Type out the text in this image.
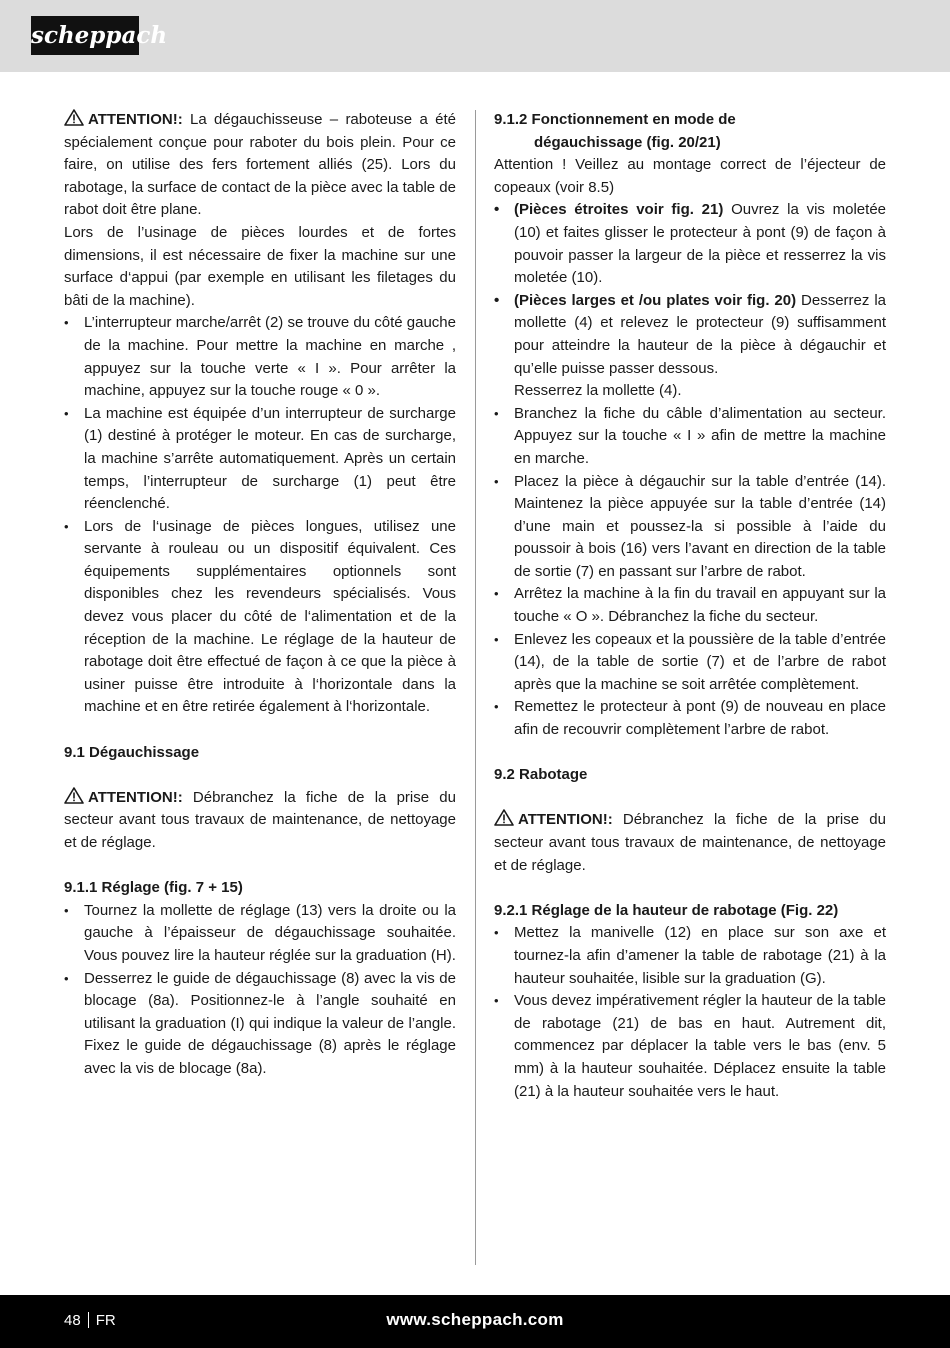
scheppach

ATTENTION!: La dégauchisseuse – raboteuse a été spécialement conçue pour raboter du bois plein. Pour ce faire, on utilise des fers fortement alliés (25). Lors du rabotage, la surface de contact de la pièce avec la table de rabot doit être plane.

Lors de l’usinage de pièces lourdes et de fortes dimensions, il est nécessaire de fixer la machine sur une surface d‘appui (par exemple en utilisant les filetages du bâti de la machine).

• L’interrupteur marche/arrêt (2) se trouve du côté gauche de la machine. Pour mettre la machine en marche , appuyez sur la touche verte « I ». Pour arrêter la machine, appuyez sur la touche rouge « 0 ».
• La machine est équipée d’un interrupteur de surcharge (1) destiné à protéger le moteur. En cas de surcharge, la machine s’arrête automatiquement. Après un certain temps, l’interrupteur de surcharge (1) peut être réenclenché.
• Lors de l‘usinage de pièces longues, utilisez une servante à rouleau ou un dispositif équivalent. Ces équipements supplémentaires optionnels sont disponibles chez les revendeurs spécialisés. Vous devez vous placer du côté de l‘alimentation et de la réception de la machine. Le réglage de la hauteur de rabotage doit être effectué de façon à ce que la pièce à usiner puisse être introduite à l‘horizontale dans la machine et en être retirée également à l‘horizontale.

9.1 Dégauchissage

ATTENTION!: Débranchez la fiche de la prise du secteur avant tous travaux de maintenance, de nettoyage et de réglage.

9.1.1 Réglage (fig. 7 + 15)

• Tournez la mollette de réglage (13) vers la droite ou la gauche à l’épaisseur de dégauchissage souhaitée. Vous pouvez lire la hauteur réglée sur la graduation (H).
• Desserrez le guide de dégauchissage (8) avec la vis de blocage (8a). Positionnez-le à l’angle souhaité en utilisant la graduation (I) qui indique la valeur de l’angle. Fixez le guide de dégauchissage (8) après le réglage avec la vis de blocage (8a).

9.1.2 Fonctionnement en mode de

dégauchissage (fig. 20/21)

Attention ! Veillez au montage correct de l’éjecteur de copeaux (voir 8.5)

• (Pièces étroites voir fig. 21) Ouvrez la vis moletée (10) et faites glisser le protecteur à pont (9) de façon à pouvoir passer la largeur de la pièce et resserrez la vis moletée (10).
• (Pièces larges et /ou plates voir fig. 20) Desserrez la mollette (4) et relevez le protecteur (9) suffisamment pour atteindre la hauteur de la pièce à dégauchir et qu’elle puisse passer dessous.

Resserrez la mollette (4).

• Branchez la fiche du câble d’alimentation au secteur. Appuyez sur la touche « I » afin de mettre la machine en marche.
• Placez la pièce à dégauchir sur la table d’entrée (14). Maintenez la pièce appuyée sur la table d’entrée (14) d’une main et poussez-la si possible à l’aide du poussoir à bois (16) vers l’avant en direction de la table de sortie (7) en passant sur l’arbre de rabot.
• Arrêtez la machine à la fin du travail en appuyant sur la touche « O ». Débranchez la fiche du secteur.
• Enlevez les copeaux et la poussière de la table d’entrée (14), de la table de sortie (7) et de l’arbre de rabot après que la machine se soit arrêtée complètement.
• Remettez le protecteur à pont (9) de nouveau en place afin de recouvrir complètement l’arbre de rabot.

9.2 Rabotage

ATTENTION!: Débranchez la fiche de la prise du secteur avant tous travaux de maintenance, de nettoyage et de réglage.

9.2.1 Réglage de la hauteur de rabotage (Fig. 22)

• Mettez la manivelle (12) en place sur son axe et tournez-la afin d’amener la table de rabotage (21) à la hauteur souhaitée, lisible sur la graduation (G).
• Vous devez impérativement régler la hauteur de la table de rabotage (21) de bas en haut. Autrement dit, commencez par déplacer la table vers le bas (env. 5 mm) à la hauteur souhaitée. Déplacez ensuite la table (21) à la hauteur souhaitée vers le haut.
48 FR	www.scheppach.com
